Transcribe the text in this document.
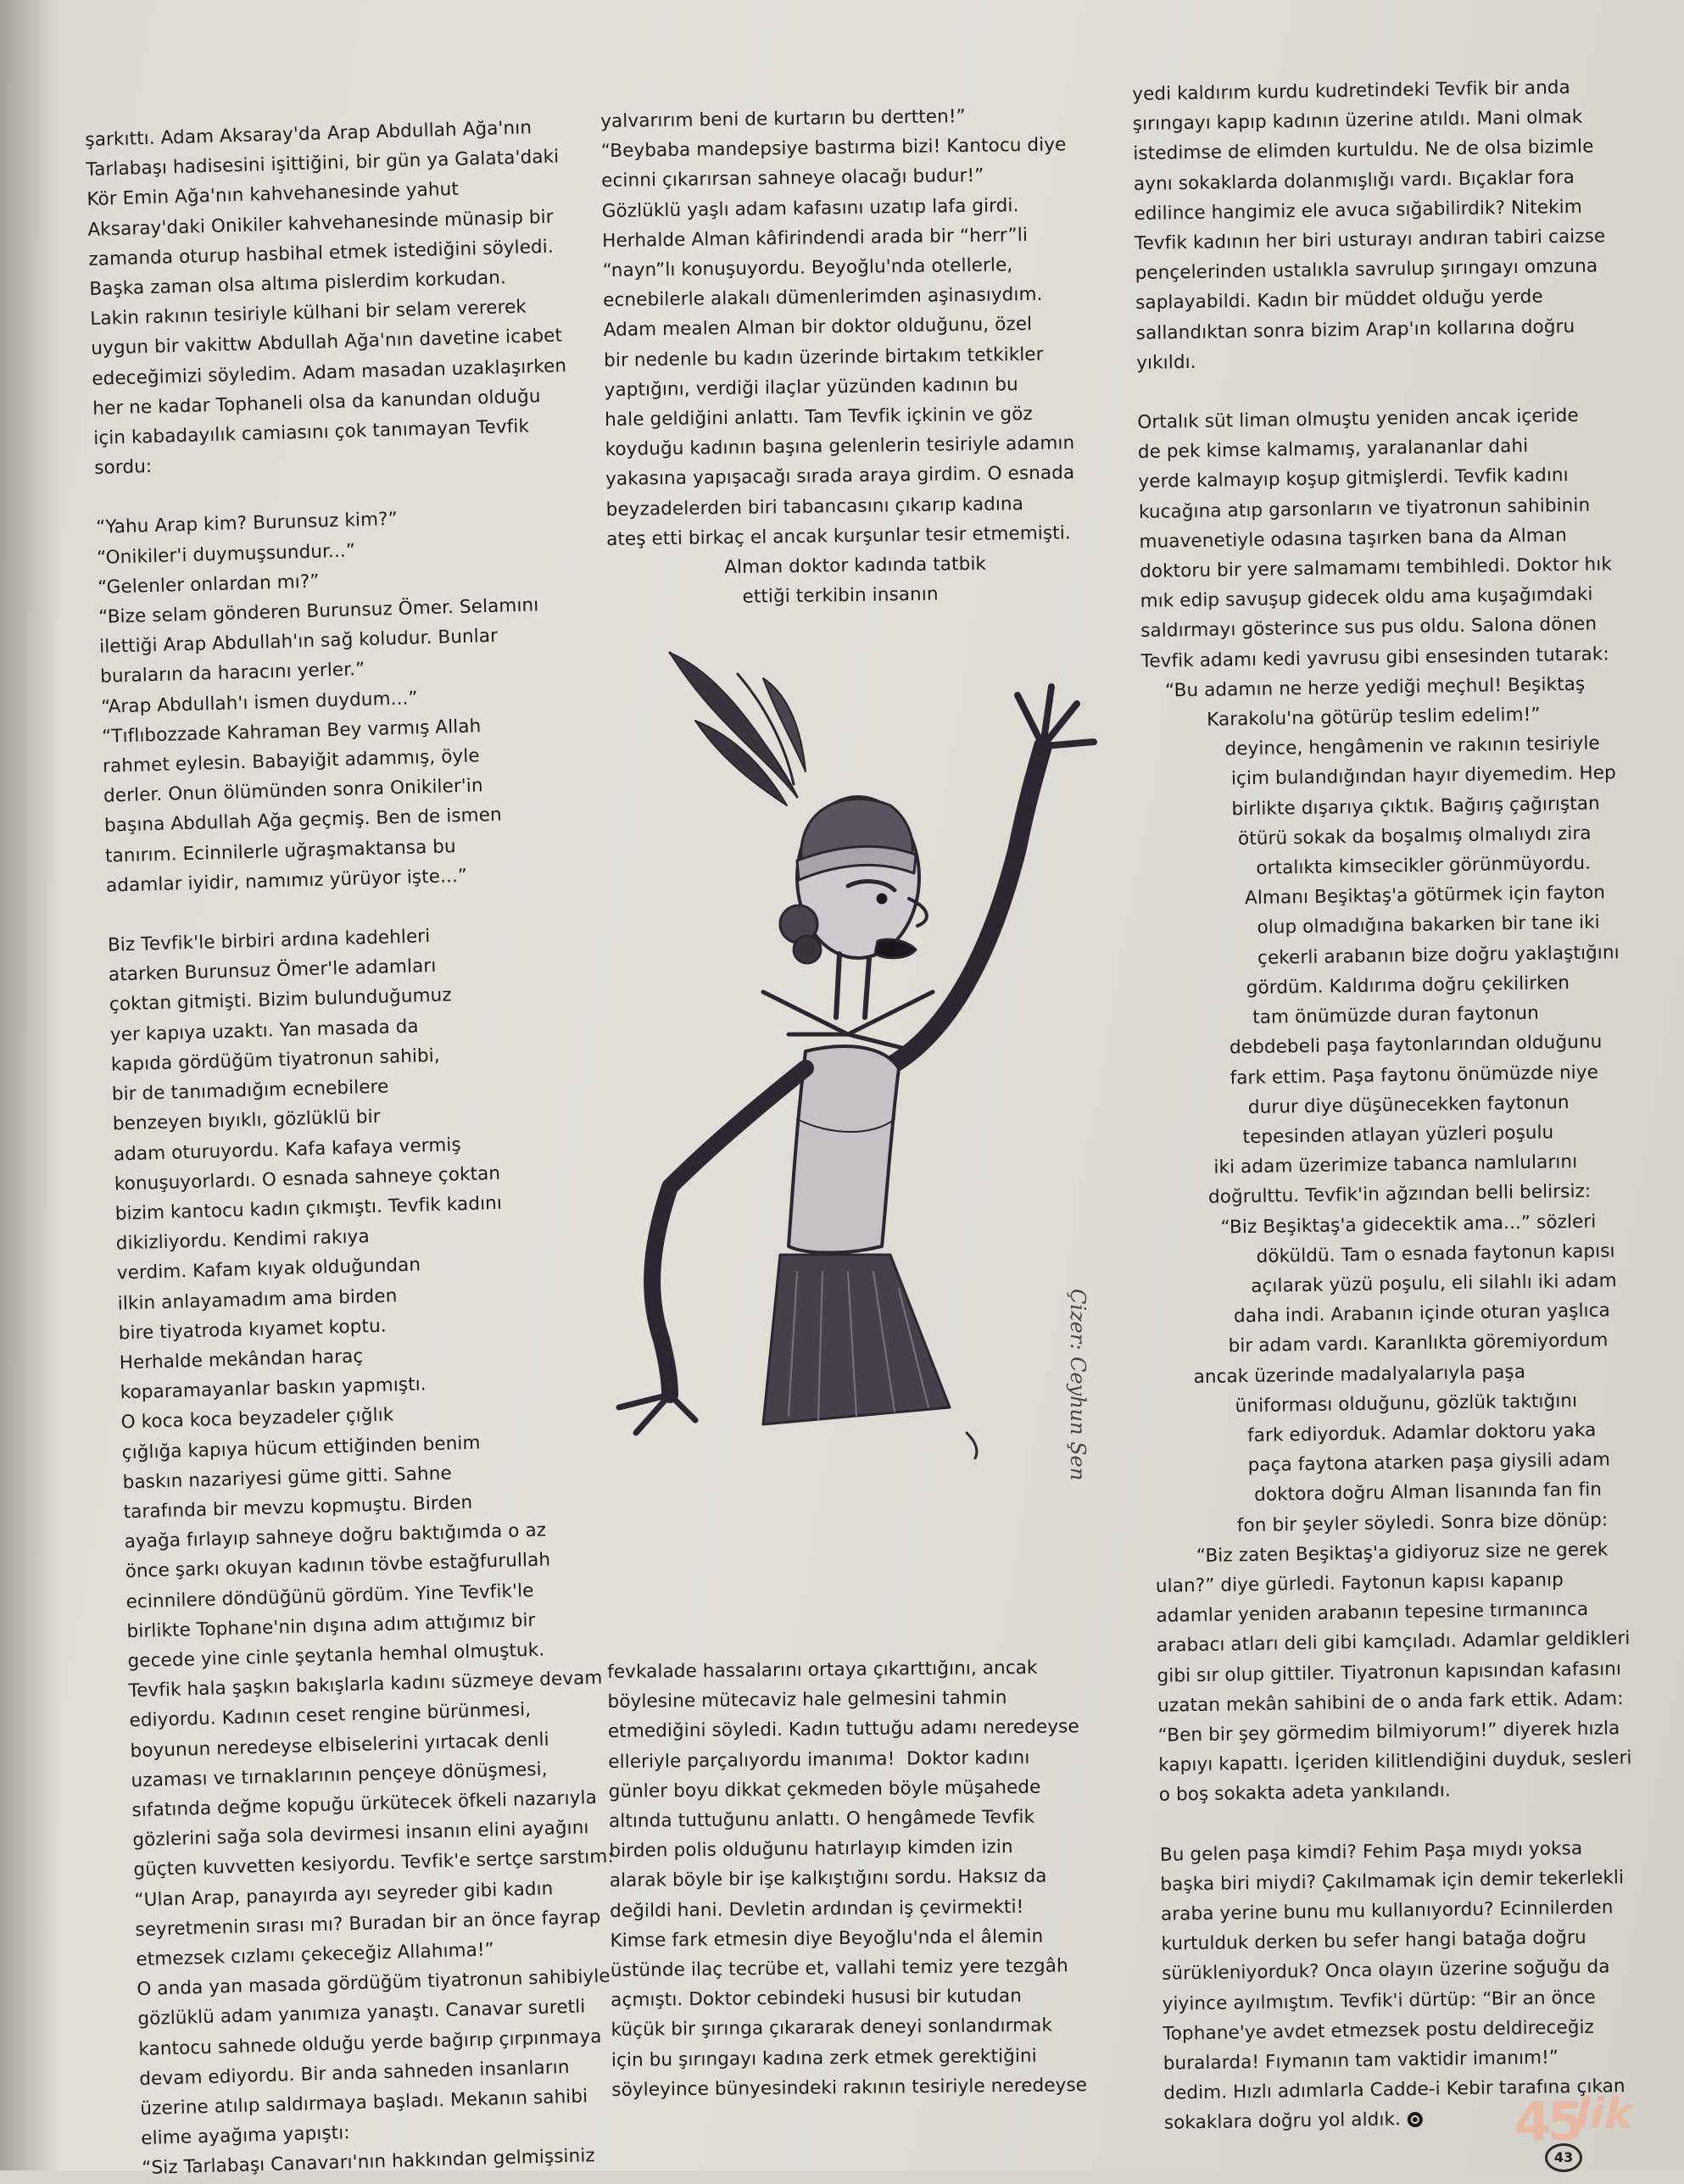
şarkıttı. Adam Aksaray'da Arap Abdullah Ağa'nın

Tarlabaşı hadisesini işittiğini, bir gün ya Galata'daki

Kör Emin Ağa'nın kahvehanesinde yahut

Aksaray'daki Onikiler kahvehanesinde münasip bir

zamanda oturup hasbihal etmek istediğini söyledi.

Başka zaman olsa altıma pislerdim korkudan.

Lakin rakının tesiriyle külhani bir selam vererek

uygun bir vakittw Abdullah Ağa'nın davetine icabet

edeceğimizi söyledim. Adam masadan uzaklaşırken

her ne kadar Tophaneli olsa da kanundan olduğu

için kabadayılık camiasını çok tanımayan Tevfik

sordu:

“Yahu Arap kim? Burunsuz kim?”

“Onikiler'i duymuşsundur...”

“Gelenler onlardan mı?”

“Bize selam gönderen Burunsuz Ömer. Selamını

ilettiği Arap Abdullah'ın sağ koludur. Bunlar

buraların da haracını yerler.”

“Arap Abdullah'ı ismen duydum...”

“Tıflıbozzade Kahraman Bey varmış Allah

rahmet eylesin. Babayiğit adammış, öyle

derler. Onun ölümünden sonra Onikiler'in

başına Abdullah Ağa geçmiş. Ben de ismen

tanırım. Ecinnilerle uğraşmaktansa bu

adamlar iyidir, namımız yürüyor işte...”

Biz Tevfik'le birbiri ardına kadehleri

atarken Burunsuz Ömer'le adamları

çoktan gitmişti. Bizim bulunduğumuz

yer kapıya uzaktı. Yan masada da

kapıda gördüğüm tiyatronun sahibi,

bir de tanımadığım ecnebilere

benzeyen bıyıklı, gözlüklü bir

adam oturuyordu. Kafa kafaya vermiş

konuşuyorlardı. O esnada sahneye çoktan

bizim kantocu kadın çıkmıştı. Tevfik kadını

dikizliyordu. Kendimi rakıya

verdim. Kafam kıyak olduğundan

ilkin anlayamadım ama birden

bire tiyatroda kıyamet koptu.

Herhalde mekândan haraç

koparamayanlar baskın yapmıştı.

O koca koca beyzadeler çığlık

çığlığa kapıya hücum ettiğinden benim

baskın nazariyesi güme gitti. Sahne

tarafında bir mevzu kopmuştu. Birden

ayağa fırlayıp sahneye doğru baktığımda o az

önce şarkı okuyan kadının tövbe estağfurullah

ecinnilere döndüğünü gördüm. Yine Tevfik'le

birlikte Tophane'nin dışına adım attığımız bir

gecede yine cinle şeytanla hemhal olmuştuk.

Tevfik hala şaşkın bakışlarla kadını süzmeye devam

ediyordu. Kadının ceset rengine bürünmesi,

boyunun neredeyse elbiselerini yırtacak denli

uzaması ve tırnaklarının pençeye dönüşmesi,

sıfatında değme kopuğu ürkütecek öfkeli nazarıyla

gözlerini sağa sola devirmesi insanın elini ayağını

güçten kuvvetten kesiyordu. Tevfik'e sertçe sarstım:

“Ulan Arap, panayırda ayı seyreder gibi kadın

seyretmenin sırası mı? Buradan bir an önce fayrap

etmezsek cızlamı çekeceğiz Allahıma!”

O anda yan masada gördüğüm tiyatronun sahibiyle

gözlüklü adam yanımıza yanaştı. Canavar suretli

kantocu sahnede olduğu yerde bağırıp çırpınmaya

devam ediyordu. Bir anda sahneden insanların

üzerine atılıp saldırmaya başladı. Mekanın sahibi

elime ayağıma yapıştı:

“Siz Tarlabaşı Canavarı'nın hakkından gelmişsiniz

yalvarırım beni de kurtarın bu dertten!”

“Beybaba mandepsiye bastırma bizi! Kantocu diye

ecinni çıkarırsan sahneye olacağı budur!”

Gözlüklü yaşlı adam kafasını uzatıp lafa girdi.

Herhalde Alman kâfirindendi arada bir “herr”li

“nayn”lı konuşuyordu. Beyoğlu'nda otellerle,

ecnebilerle alakalı dümenlerimden aşinasıydım.

Adam mealen Alman bir doktor olduğunu, özel

bir nedenle bu kadın üzerinde birtakım tetkikler

yaptığını, verdiği ilaçlar yüzünden kadının bu

hale geldiğini anlattı. Tam Tevfik içkinin ve göz

koyduğu kadının başına gelenlerin tesiriyle adamın

yakasına yapışacağı sırada araya girdim. O esnada

beyzadelerden biri tabancasını çıkarıp kadına

ateş etti birkaç el ancak kurşunlar tesir etmemişti.

Alman doktor kadında tatbik

ettiği terkibin insanın

fevkalade hassalarını ortaya çıkarttığını, ancak

böylesine mütecaviz hale gelmesini tahmin

etmediğini söyledi. Kadın tuttuğu adamı neredeyse

elleriyle parçalıyordu imanıma!  Doktor kadını

günler boyu dikkat çekmeden böyle müşahede

altında tuttuğunu anlattı. O hengâmede Tevfik

birden polis olduğunu hatırlayıp kimden izin

alarak böyle bir işe kalkıştığını sordu. Haksız da

değildi hani. Devletin ardından iş çevirmekti!

Kimse fark etmesin diye Beyoğlu'nda el âlemin

üstünde ilaç tecrübe et, vallahi temiz yere tezgâh

açmıştı. Doktor cebindeki hususi bir kutudan

küçük bir şırınga çıkararak deneyi sonlandırmak

için bu şırıngayı kadına zerk etmek gerektiğini

söyleyince bünyesindeki rakının tesiriyle neredeyse

yedi kaldırım kurdu kudretindeki Tevfik bir anda

şırıngayı kapıp kadının üzerine atıldı. Mani olmak

istedimse de elimden kurtuldu. Ne de olsa bizimle

aynı sokaklarda dolanmışlığı vardı. Bıçaklar fora

edilince hangimiz ele avuca sığabilirdik? Nitekim

Tevfik kadının her biri usturayı andıran tabiri caizse

pençelerinden ustalıkla savrulup şırıngayı omzuna

saplayabildi. Kadın bir müddet olduğu yerde

sallandıktan sonra bizim Arap'ın kollarına doğru

yıkıldı.

Ortalık süt liman olmuştu yeniden ancak içeride

de pek kimse kalmamış, yaralananlar dahi

yerde kalmayıp koşup gitmişlerdi. Tevfik kadını

kucağına atıp garsonların ve tiyatronun sahibinin

muavenetiyle odasına taşırken bana da Alman

doktoru bir yere salmamamı tembihledi. Doktor hık

mık edip savuşup gidecek oldu ama kuşağımdaki

saldırmayı gösterince sus pus oldu. Salona dönen

Tevfik adamı kedi yavrusu gibi ensesinden tutarak:

“Bu adamın ne herze yediği meçhul! Beşiktaş

Karakolu'na götürüp teslim edelim!”

deyince, hengâmenin ve rakının tesiriyle

içim bulandığından hayır diyemedim. Hep

birlikte dışarıya çıktık. Bağırış çağırıştan

ötürü sokak da boşalmış olmalıydı zira

ortalıkta kimsecikler görünmüyordu.

Almanı Beşiktaş'a götürmek için fayton

olup olmadığına bakarken bir tane iki

çekerli arabanın bize doğru yaklaştığını

gördüm. Kaldırıma doğru çekilirken

tam önümüzde duran faytonun

debdebeli paşa faytonlarından olduğunu

fark ettim. Paşa faytonu önümüzde niye

durur diye düşünecekken faytonun

tepesinden atlayan yüzleri poşulu

iki adam üzerimize tabanca namlularını

doğrulttu. Tevfik'in ağzından belli belirsiz:

“Biz Beşiktaş'a gidecektik ama...” sözleri

döküldü. Tam o esnada faytonun kapısı

açılarak yüzü poşulu, eli silahlı iki adam

daha indi. Arabanın içinde oturan yaşlıca

bir adam vardı. Karanlıkta göremiyordum

ancak üzerinde madalyalarıyla paşa

üniforması olduğunu, gözlük taktığını

fark ediyorduk. Adamlar doktoru yaka

paça faytona atarken paşa giysili adam

doktora doğru Alman lisanında fan fin

fon bir şeyler söyledi. Sonra bize dönüp:

“Biz zaten Beşiktaş'a gidiyoruz size ne gerek

ulan?” diye gürledi. Faytonun kapısı kapanıp

adamlar yeniden arabanın tepesine tırmanınca

arabacı atları deli gibi kamçıladı. Adamlar geldikleri

gibi sır olup gittiler. Tiyatronun kapısından kafasını

uzatan mekân sahibini de o anda fark ettik. Adam:

“Ben bir şey görmedim bilmiyorum!” diyerek hızla

kapıyı kapattı. İçeriden kilitlendiğini duyduk, sesleri

o boş sokakta adeta yankılandı.

Bu gelen paşa kimdi? Fehim Paşa mıydı yoksa

başka biri miydi? Çakılmamak için demir tekerlekli

araba yerine bunu mu kullanıyordu? Ecinnilerden

kurtulduk derken bu sefer hangi batağa doğru

sürükleniyorduk? Onca olayın üzerine soğuğu da

yiyince ayılmıştım. Tevfik'i dürtüp: “Bir an önce

Tophane'ye avdet etmezsek postu deldireceğiz

buralarda! Fıymanın tam vaktidir imanım!”

dedim. Hızlı adımlarla Cadde-i Kebir tarafına çıkan

sokaklara doğru yol aldık.

Çizer: Ceyhun Şen
45
lik
43
